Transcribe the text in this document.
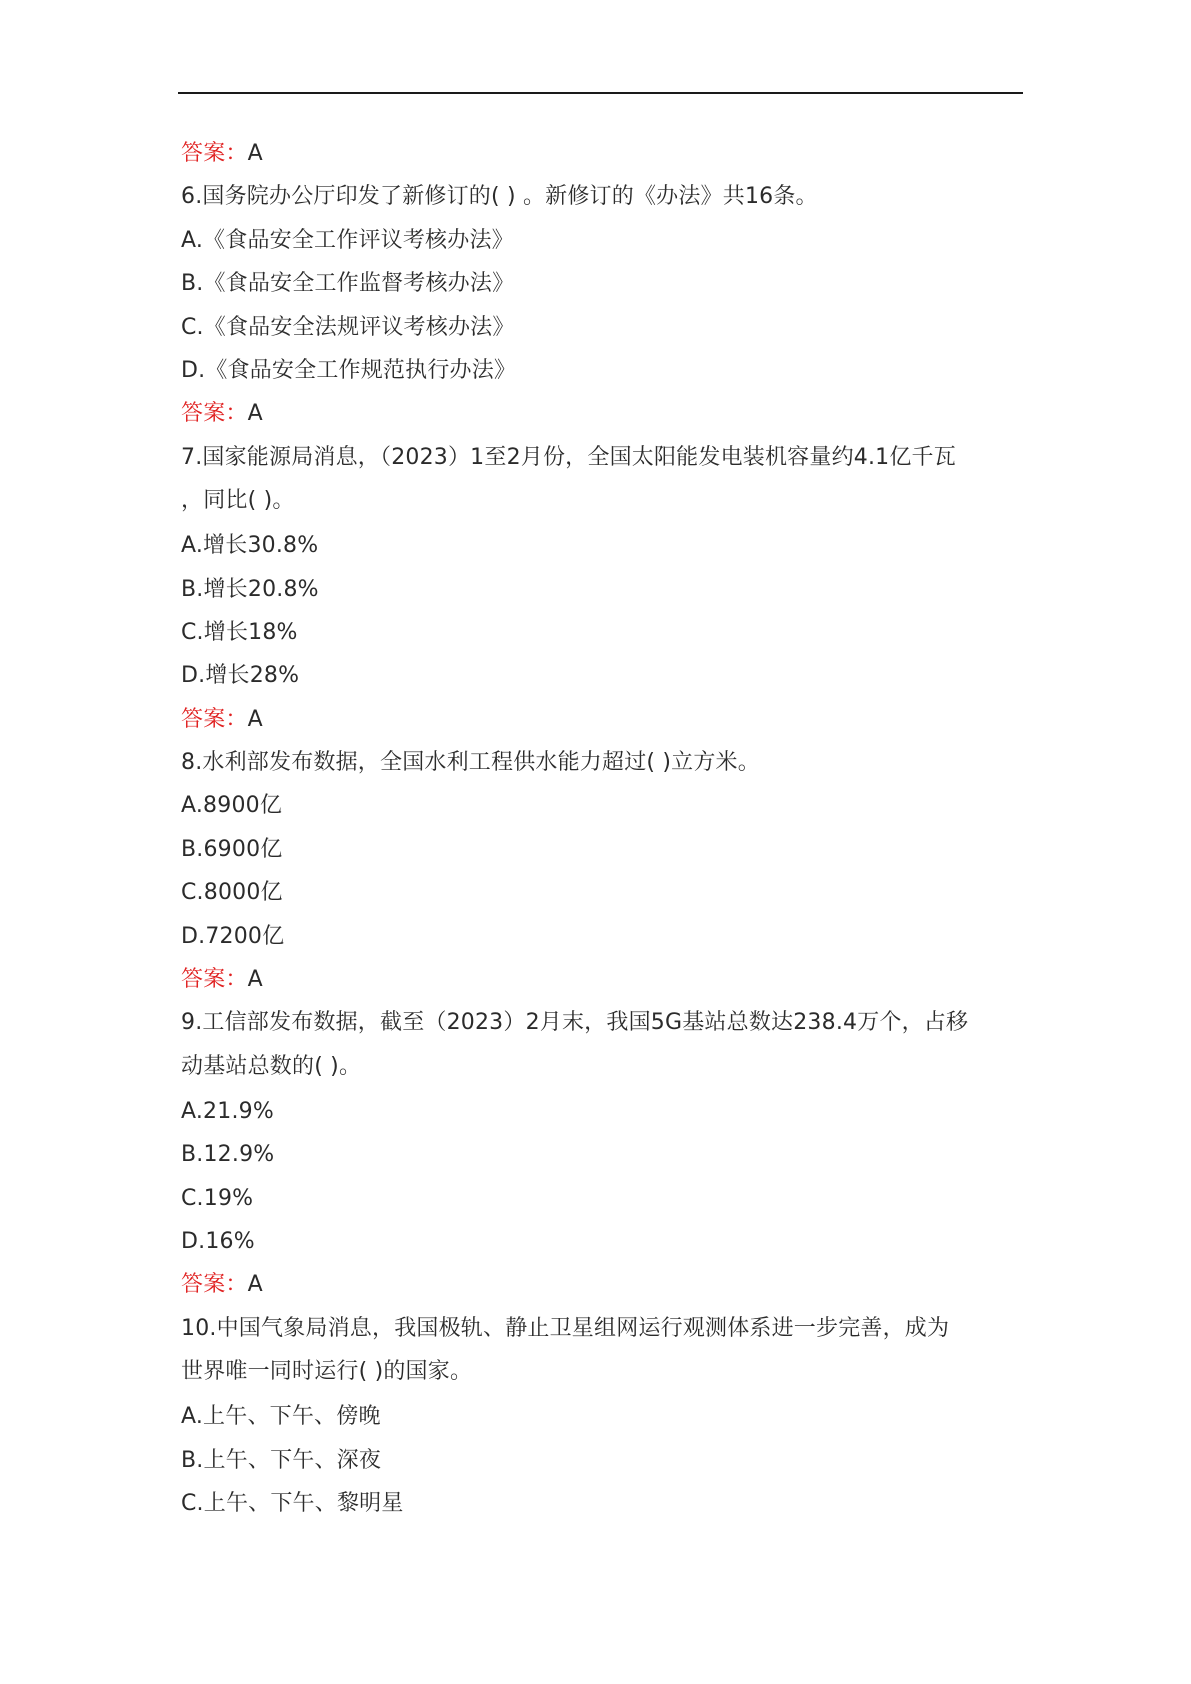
答案：A
6.国务院办公厅印发了新修订的( ) 。新修订的《办法》共16条。
A.《食品安全工作评议考核办法》
B.《食品安全工作监督考核办法》
C.《食品安全法规评议考核办法》
D.《食品安全工作规范执行办法》
答案：A
7.国家能源局消息，（2023）1至2月份，全国太阳能发电装机容量约4.1亿千瓦
，同比( )。
A.增长30.8%
B.增长20.8%
C.增长18%
D.增长28%
答案：A
8.水利部发布数据，全国水利工程供水能力超过( )立方米。
A.8900亿
B.6900亿
C.8000亿
D.7200亿
答案：A
9.工信部发布数据，截至（2023）2月末，我国5G基站总数达238.4万个，占移
动基站总数的( )。
A.21.9%
B.12.9%
C.19%
D.16%
答案：A
10.中国气象局消息，我国极轨、静止卫星组网运行观测体系进一步完善，成为
世界唯一同时运行( )的国家。
A.上午、下午、傍晚
B.上午、下午、深夜
C.上午、下午、黎明星
